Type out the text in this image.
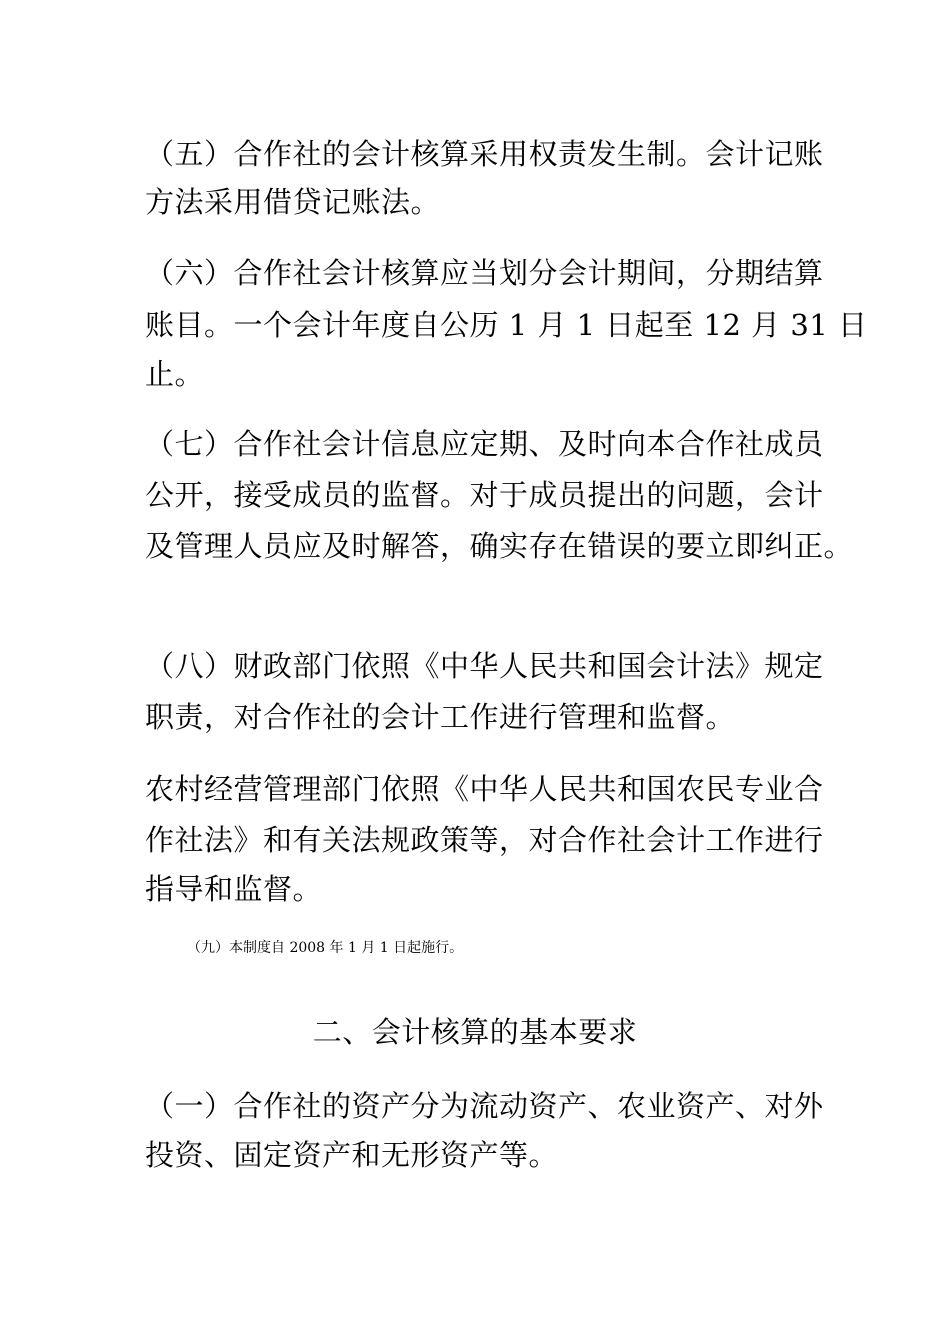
（五）合作社的会计核算采用权责发生制。会计记账
方法采用借贷记账法。
（六）合作社会计核算应当划分会计期间，分期结算
账目。一个会计年度自公历 1 月 1 日起至 12 月 31 日
止。
（七）合作社会计信息应定期、及时向本合作社成员
公开，接受成员的监督。对于成员提出的问题，会计
及管理人员应及时解答，确实存在错误的要立即纠正。
（八）财政部门依照《中华人民共和国会计法》规定
职责，对合作社的会计工作进行管理和监督。
农村经营管理部门依照《中华人民共和国农民专业合
作社法》和有关法规政策等，对合作社会计工作进行
指导和监督。
（九）本制度自 2008 年 1 月 1 日起施行。
二、会计核算的基本要求
（一）合作社的资产分为流动资产、农业资产、对外
投资、固定资产和无形资产等。
